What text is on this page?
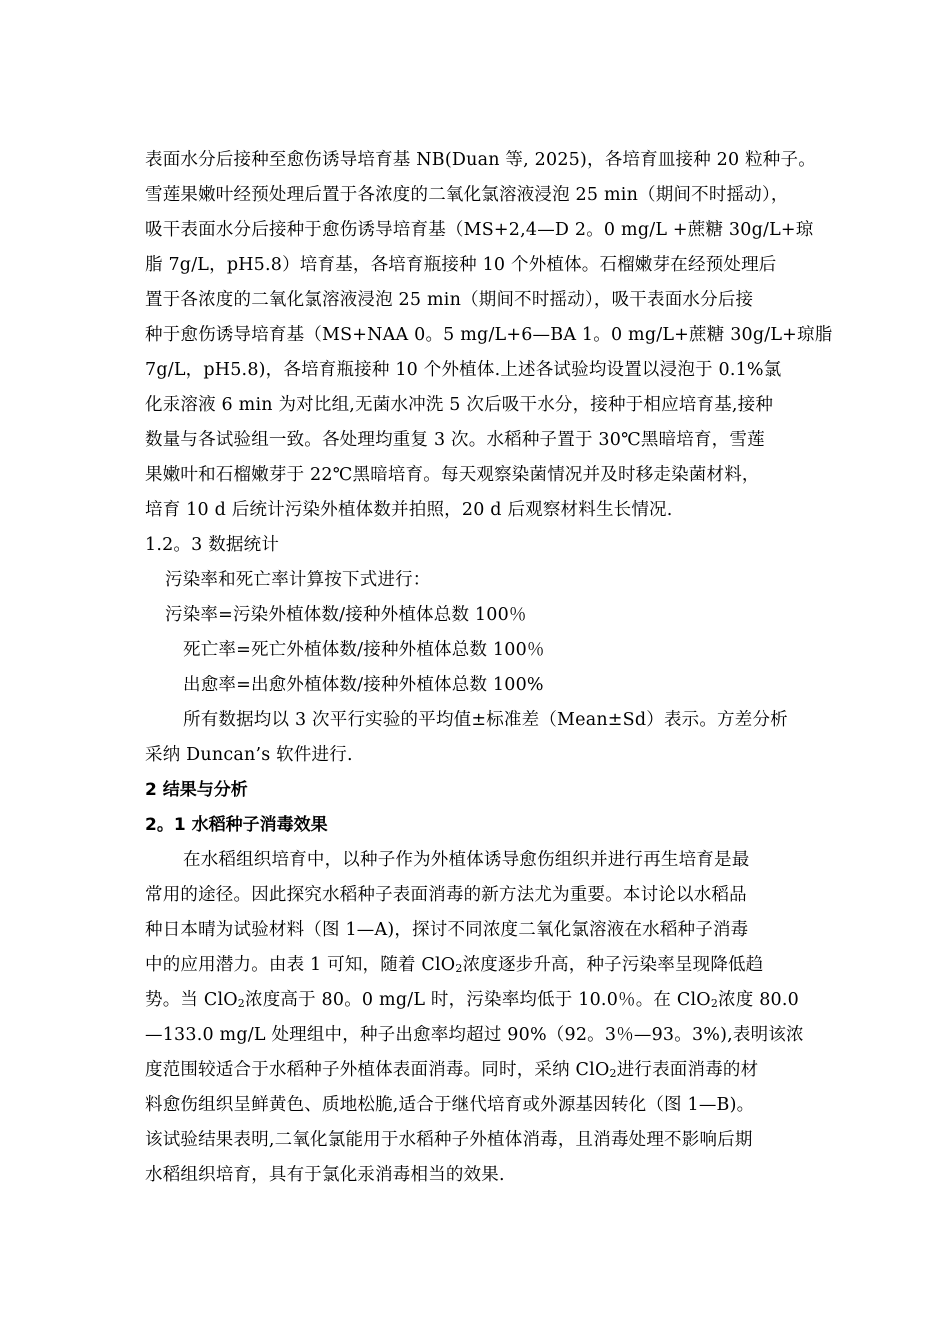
表面水分后接种至愈伤诱导培育基 NB(Duan 等, 2025)，各培育皿接种 20 粒种子。
雪莲果嫩叶经预处理后置于各浓度的二氧化氯溶液浸泡 25 min（期间不时摇动），
吸干表面水分后接种于愈伤诱导培育基（MS+2,4—D 2。0 mg/L +蔗糖 30g/L+琼
脂 7g/L，pH5.8）培育基，各培育瓶接种 10 个外植体。石榴嫩芽在经预处理后
置于各浓度的二氧化氯溶液浸泡 25 min（期间不时摇动），吸干表面水分后接
种于愈伤诱导培育基（MS+NAA 0。5 mg/L+6—BA 1。0 mg/L+蔗糖 30g/L+琼脂
7g/L，pH5.8)，各培育瓶接种 10 个外植体.上述各试验均设置以浸泡于 0.1%氯
化汞溶液 6 min 为对比组,无菌水冲洗 5 次后吸干水分，接种于相应培育基,接种
数量与各试验组一致。各处理均重复 3 次。水稻种子置于 30℃黑暗培育，雪莲
果嫩叶和石榴嫩芽于 22℃黑暗培育。每天观察染菌情况并及时移走染菌材料，
培育 10 d 后统计污染外植体数并拍照，20 d 后观察材料生长情况.
1.2。3 数据统计
污染率和死亡率计算按下式进行：
污染率=污染外植体数/接种外植体总数 100％
死亡率=死亡外植体数/接种外植体总数 100％
出愈率=出愈外植体数/接种外植体总数 100%
所有数据均以 3 次平行实验的平均值±标准差（Mean±Sd）表示。方差分析
采纳 Duncan’s 软件进行.
2 结果与分析
2。1 水稻种子消毒效果
在水稻组织培育中，以种子作为外植体诱导愈伤组织并进行再生培育是最
常用的途径。因此探究水稻种子表面消毒的新方法尤为重要。本讨论以水稻品
种日本晴为试验材料（图 1—A)，探讨不同浓度二氧化氯溶液在水稻种子消毒
中的应用潜力。由表 1 可知，随着 ClO$_2$浓度逐步升高，种子污染率呈现降低趋
势。当 ClO$_2$浓度高于 80。0 mg/L 时，污染率均低于 10.0％。在 ClO$_2$浓度 80.0
—133.0 mg/L 处理组中，种子出愈率均超过 90%（92。3％—93。3%),表明该浓
度范围较适合于水稻种子外植体表面消毒。同时，采纳 ClO$_2$进行表面消毒的材
料愈伤组织呈鲜黄色、质地松脆,适合于继代培育或外源基因转化（图 1—B)。
该试验结果表明,二氧化氯能用于水稻种子外植体消毒，且消毒处理不影响后期
水稻组织培育，具有于氯化汞消毒相当的效果.
